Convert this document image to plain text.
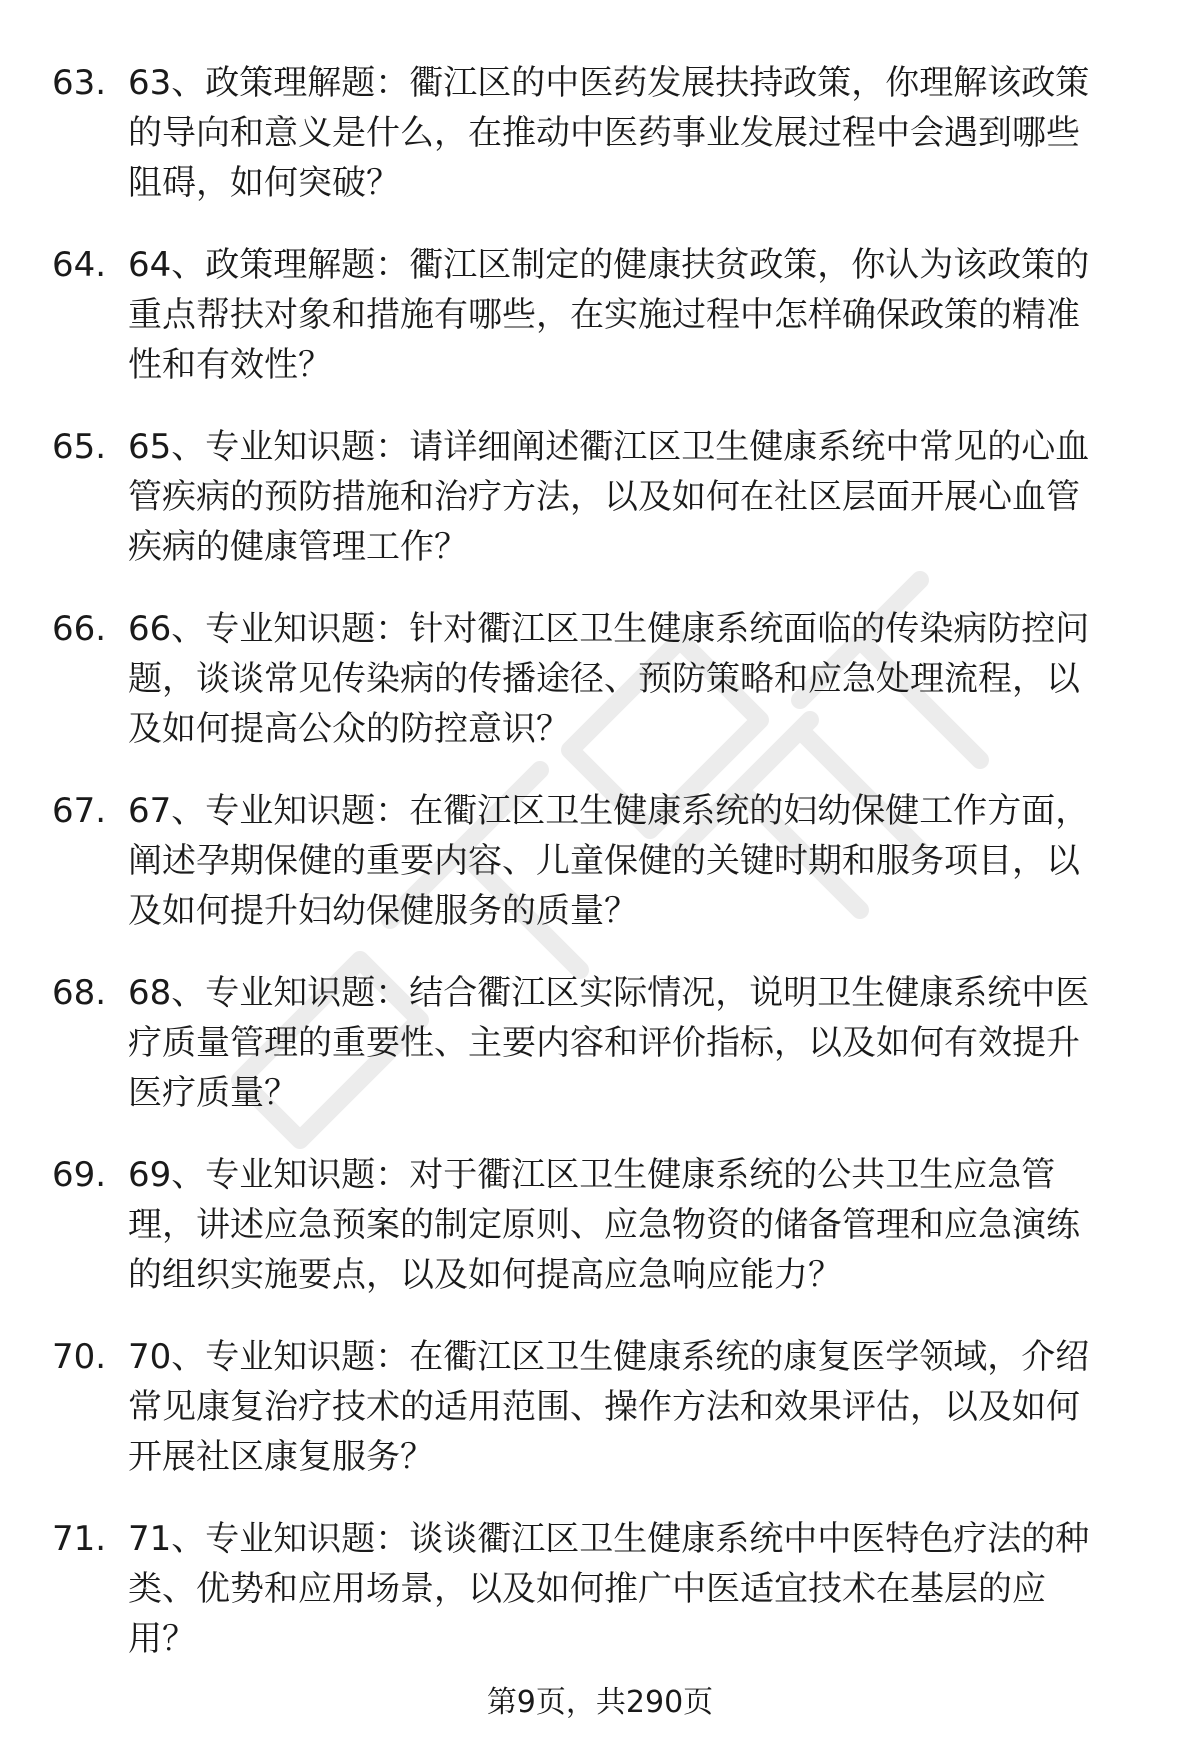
63. 63、政策理解题：衢江区的中医药发展扶持政策，你理解该政策
的导向和意义是什么，在推动中医药事业发展过程中会遇到哪些
阻碍，如何突破？
64. 64、政策理解题：衢江区制定的健康扶贫政策，你认为该政策的
重点帮扶对象和措施有哪些，在实施过程中怎样确保政策的精准
性和有效性？
65. 65、专业知识题：请详细阐述衢江区卫生健康系统中常见的心血
管疾病的预防措施和治疗方法，以及如何在社区层面开展心血管
疾病的健康管理工作？
66. 66、专业知识题：针对衢江区卫生健康系统面临的传染病防控问
题，谈谈常见传染病的传播途径、预防策略和应急处理流程，以
及如何提高公众的防控意识？
67. 67、专业知识题：在衢江区卫生健康系统的妇幼保健工作方面，
阐述孕期保健的重要内容、儿童保健的关键时期和服务项目，以
及如何提升妇幼保健服务的质量？
68. 68、专业知识题：结合衢江区实际情况，说明卫生健康系统中医
疗质量管理的重要性、主要内容和评价指标，以及如何有效提升
医疗质量？
69. 69、专业知识题：对于衢江区卫生健康系统的公共卫生应急管
理，讲述应急预案的制定原则、应急物资的储备管理和应急演练
的组织实施要点，以及如何提高应急响应能力？
70. 70、专业知识题：在衢江区卫生健康系统的康复医学领域，介绍
常见康复治疗技术的适用范围、操作方法和效果评估，以及如何
开展社区康复服务？
71. 71、专业知识题：谈谈衢江区卫生健康系统中中医特色疗法的种
类、优势和应用场景，以及如何推广中医适宜技术在基层的应
用？
第9页，共290页
